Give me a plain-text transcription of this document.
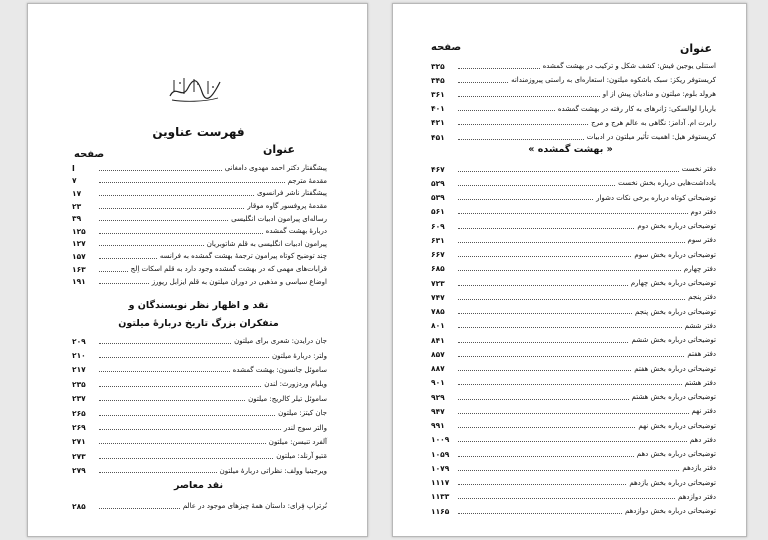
فهرست عناوین
عنوان
صفحه
پیشگفتار دکتر احمد مهدوی دامغانی
I
مقدمهٔ مترجم
۷
پیشگفتار ناشر فرانسوی
۱۷
مقدمهٔ پروفسور گاوه موقار
۲۳
رساله‌ای پیرامون ادبیات انگلیسی
۳۹
دربارهٔ بهشت گمشده
۱۲۵
پیرامون ادبیات انگلیسی به قلم شاتوبریان
۱۲۷
چند توضیح کوتاه پیرامون ترجمهٔ بهشت گمشده به فرانسه
۱۵۷
قرابات‌های مهمی که در بهشت گمشده وجود دارد به قلم اسکات اِلج
۱۶۳
اوضاع سیاسی و مذهبی در دوران میلتون به قلم ایزابل ریورز
۱۹۱
نقد و اظهار نظر نویسندگان و
متفکران بزرگ تاریخ دربارهٔ میلتون
جان درایدن: شعری برای میلتون
۲۰۹
ولتر: دربارهٔ میلتون
۲۱۰
ساموئل جانسون: بهشت گمشده
۲۱۷
ویلیام وردزورث: لندن
۲۳۵
ساموئل تیلر کالریج: میلتون
۲۳۷
جان کیتز: میلتون
۲۶۵
والتر سوج لندر
۲۶۹
آلفرد تنیسن: میلتون
۲۷۱
مَتیو آرنلد: میلتون
۲۷۳
ویرجینیا وولف: نظراتی دربارهٔ میلتون
۲۷۹
نقد معاصر
نُرتراپ فِرای: داستان همهٔ چیزهای موجود در عالم
۲۸۵
عنوان
صفحه
استنلی یوجین فیش: کشف شکل و ترکیب در بهشت گمشده
۳۲۵
کریستوفر ریکز: سبک باشکوه میلتون: استعاره‌ای به راستی پیروزمندانه
۳۴۵
هرولد بلوم: میلتون و منادیان پیش از او
۳۶۱
باربارا لوالسکی: ژانرهای به کار رفته در بهشت گمشده
۴۰۱
رابرت ام. آدامز: نگاهی به عالم هرج و مرج
۴۲۱
کریستوفر هیل: اهمیت تأثیر میلتون در ادبیات
۴۵۱
« بهشت گمشده »
دفتر نخست
۴۶۷
یادداشت‌هایی درباره بخش نخست
۵۲۹
توضیحاتی کوتاه درباره برخی نکات دشوار
۵۳۹
دفتر دوم
۵۶۱
توضیحاتی درباره بخش دوم
۶۰۹
دفتر سوم
۶۳۱
توضیحاتی درباره بخش سوم
۶۶۷
دفتر چهارم
۶۸۵
توضیحاتی درباره بخش چهارم
۷۲۳
دفتر پنجم
۷۴۷
توضیحاتی درباره بخش پنجم
۷۸۵
دفتر ششم
۸۰۱
توضیحاتی درباره بخش ششم
۸۴۱
دفتر هفتم
۸۵۷
توضیحاتی درباره بخش هفتم
۸۸۷
دفتر هشتم
۹۰۱
توضیحاتی درباره بخش هشتم
۹۲۹
دفتر نهم
۹۴۷
توضیحاتی درباره بخش نهم
۹۹۱
دفتر دهم
۱۰۰۹
توضیحاتی درباره بخش دهم
۱۰۵۹
دفتر یازدهم
۱۰۷۹
توضیحاتی درباره بخش یازدهم
۱۱۱۷
دفتر دوازدهم
۱۱۳۳
توضیحاتی درباره بخش دوازدهم
۱۱۶۵
